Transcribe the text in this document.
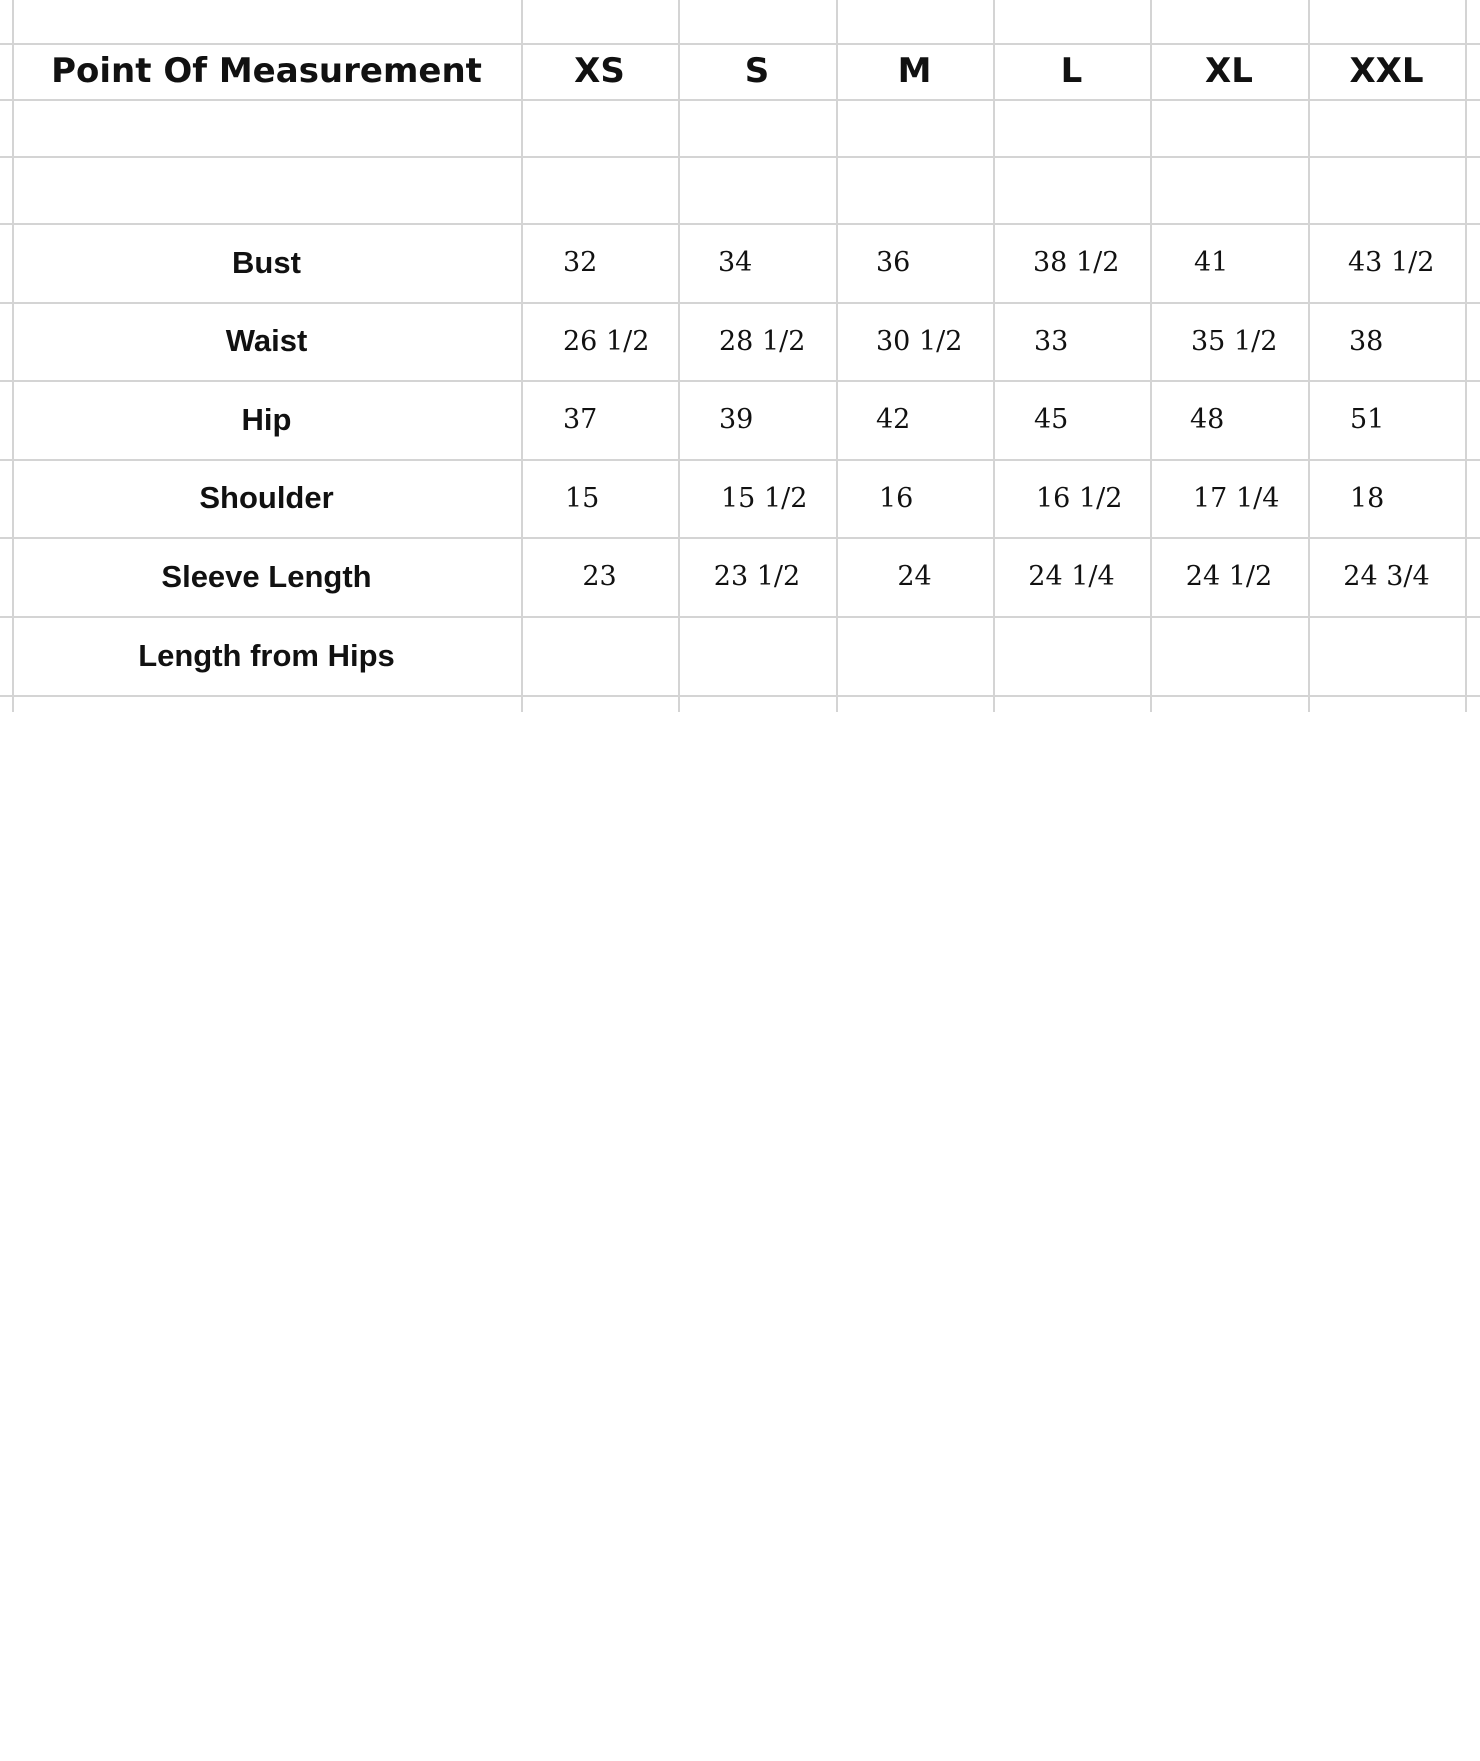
Point Of Measurement	XS	S	M	L	XL	XXL
Bust	32	34	36	38 1/2	41	43 1/2
Waist	26 1/2	28 1/2	30 1/2	33	35 1/2	38
Hip	37	39	42	45	48	51
Shoulder	15	15 1/2	16	16 1/2	17 1/4	18
Sleeve Length	23	23 1/2	24	24 1/4	24 1/2	24 3/4
Length from Hips
